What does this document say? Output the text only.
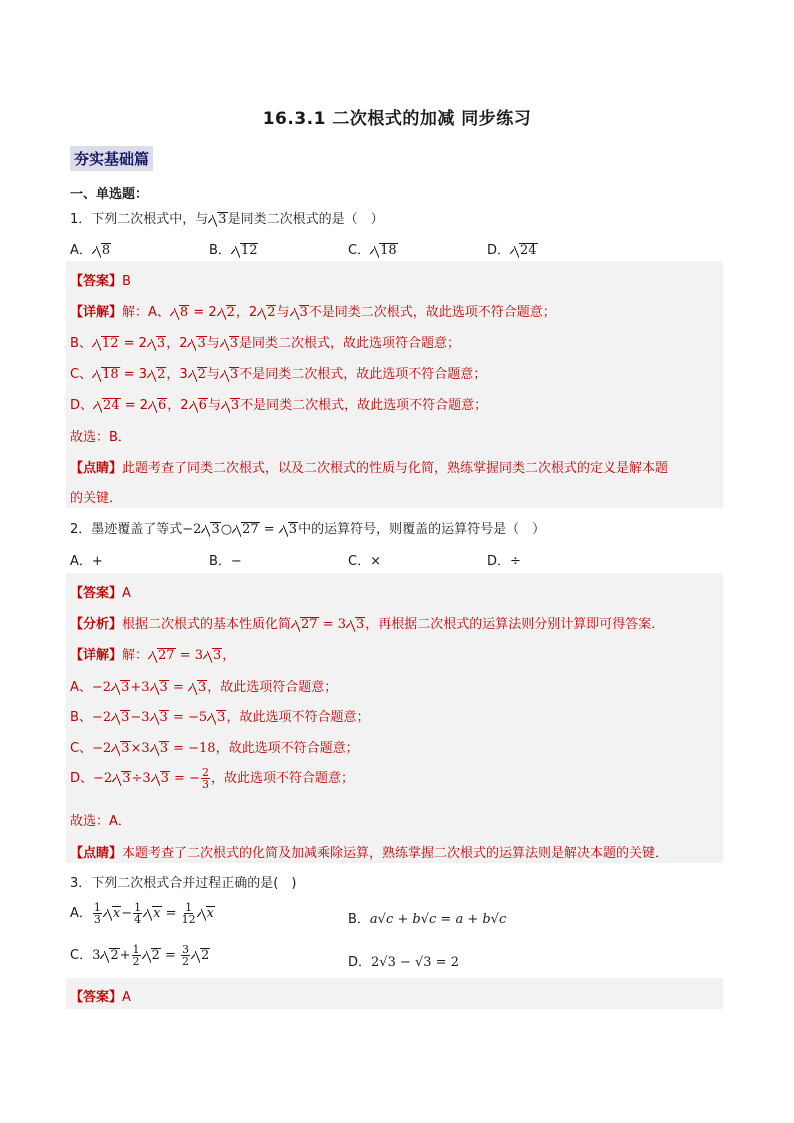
16.3.1 二次根式的加减 同步练习
夯实基础篇
一、单选题：
1．下列二次根式中，与 3是同类二次根式的是（　）
A． 8	B． 12	C． 18	D． 24
【答案】B
【详解】解：A、 8 = 2 2，2 2与 3不是同类二次根式，故此选项不符合题意；
B、 12 = 2 3，2 3与 3是同类二次根式，故此选项符合题意；
C、 18 = 3 2，3 2与 3不是同类二次根式，故此选项不符合题意；
D、 24 = 2 6，2 6与 3不是同类二次根式，故此选项不符合题意；
故选：B．
【点睛】此题考查了同类二次根式，以及二次根式的性质与化简，熟练掌握同类二次根式的定义是解本题
的关键．
2．墨迹覆盖了等式−2 3○ 27 = 3中的运算符号，则覆盖的运算符号是（　）
A．+	B．−	C．×	D．÷
【答案】A
【分析】根据二次根式的基本性质化简 27 = 3 3，再根据二次根式的运算法则分别计算即可得答案．
【详解】解： 27 = 3 3，
A、−2 3+3 3 = 3，故此选项符合题意；
B、−2 3−3 3 = −5 3，故此选项不符合题意；
C、−2 3×3 3 = −18，故此选项不符合题意；
D、−2 3÷3 3 = − $\frac{2}{3}$ ，故此选项不符合题意；
故选：A．
【点睛】本题考查了二次根式的化简及加减乘除运算，熟练掌握二次根式的运算法则是解决本题的关键．
3．下列二次根式合并过程正确的是(　)
A． $\frac{1}{3} x- \frac{1}{4}$ $x = \frac{1}{12}$ x	B．a√c + b√c = a + b√c
C．3 $2+ \frac{1}{2} 2 = \frac{3}{2} 2$	D．2√3 − √3 = 2
【答案】A
